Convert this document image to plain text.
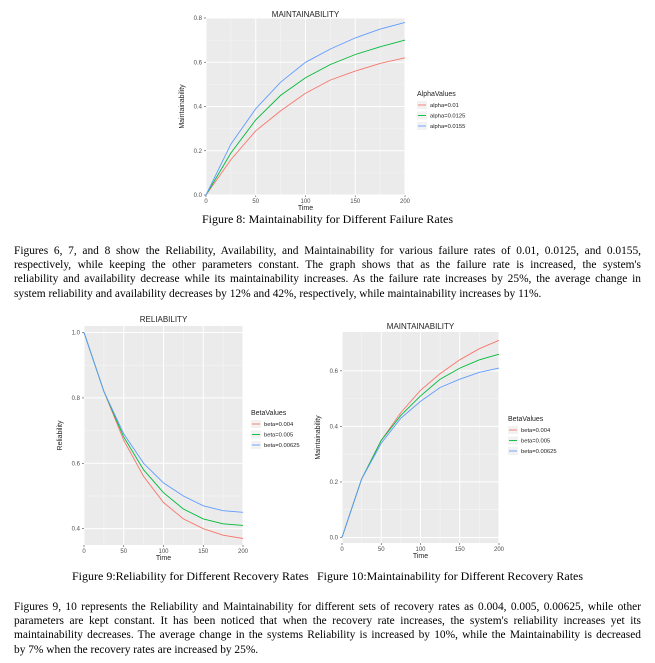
0	50	100	150	200
0.0
0.2
0.4
0.6
0.8	MAINTAINABILITY
Time
Maintainability	AlphaValues
alpha=0.01
alpha=0.0125
alpha=0.0155
Figure 8: Maintainability for Different Failure Rates
Figures 6, 7, and 8 show the Reliability, Availability, and Maintainability for various failure rates of 0.01, 0.0125, and 0.0155,
respectively, while keeping the other parameters constant. The graph shows that as the failure rate is increased, the system's
reliability and availability decrease while its maintainability increases. As the failure rate increases by 25%, the average change in
system reliability and availability decreases by 12% and 42%, respectively, while maintainability increases by 11%.
0	50	100	150	200
0.4
0.6
0.8
1.0
RELIABILITY
Time
Reliability
BetaValues
beta=0.004
beta=0.005
beta=0.00625
0	50	100	150	200
0.0
0.2
0.4
0.6
MAINTAINABILITY
Time
Maintainability	BetaValues
beta=0.004
beta=0.005
beta=0.00625
Figure 9:Reliability for Different Recovery Rates Figure 10:Maintainability for Different Recovery Rates
Figures 9, 10 represents the Reliability and Maintainability for different sets of recovery rates as 0.004, 0.005, 0.00625, while other
parameters are kept constant. It has been noticed that when the recovery rate increases, the system's reliability increases yet its
maintainability decreases. The average change in the systems Reliability is increased by 10%, while the Maintainability is decreased
by 7% when the recovery rates are increased by 25%.
